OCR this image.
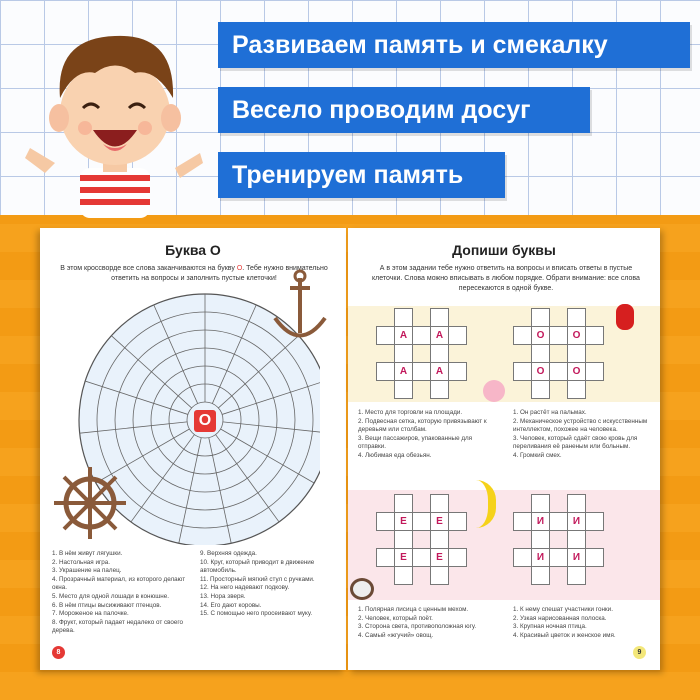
Развиваем память и смекалку
Весело проводим досуг
Тренируем память
Буква О
В этом кроссворде все слова заканчиваются на букву О. Тебе нужно внимательно ответить на вопросы и заполнить пустые клеточки!
О
1. В нём живут лягушки.
2. Настольная игра.
3. Украшение на палец.
4. Прозрачный материал, из которого делают окна.
5. Место для одной лошади в конюшне.
6. В нём птицы высиживают птенцов.
7. Мороженое на палочке.
8. Фрукт, который падает недалеко от своего дерева.
9. Верхняя одежда.
10. Круг, который приводит в движение автомобиль.
11. Просторный мягкий стул с ручками.
12. На него надевают подкову.
13. Нора зверя.
14. Его дают коровы.
15. С помощью него просеивают муку.
8
Допиши буквы
А в этом задании тебе нужно ответить на вопросы и вписать ответы в пустые клеточки. Слова можно вписывать в любом порядке. Обрати внимание: все слова пересекаются в одной букве.
А	А
А	А
О	О
О	О
Е	Е
Е	Е
И	И
И	И
1. Место для торговли на площади.
2. Подвесная сетка, которую привязывают к деревьям или столбам.
3. Вещи пассажиров, упакованные для отправки.
4. Любимая еда обезьян.
1. Он растёт на пальмах.
2. Механическое устройство с искусственным интеллектом, похожее на человека.
3. Человек, который сдаёт свою кровь для переливания её раненым или больным.
4. Громкий смех.
1. Полярная лисица с ценным мехом.
2. Человек, который поёт.
3. Сторона света, противоположная югу.
4. Самый «жгучий» овощ.
1. К нему спешат участники гонки.
2. Узкая нарисованная полоска.
3. Крупная ночная птица.
4. Красивый цветок и женское имя.
9
